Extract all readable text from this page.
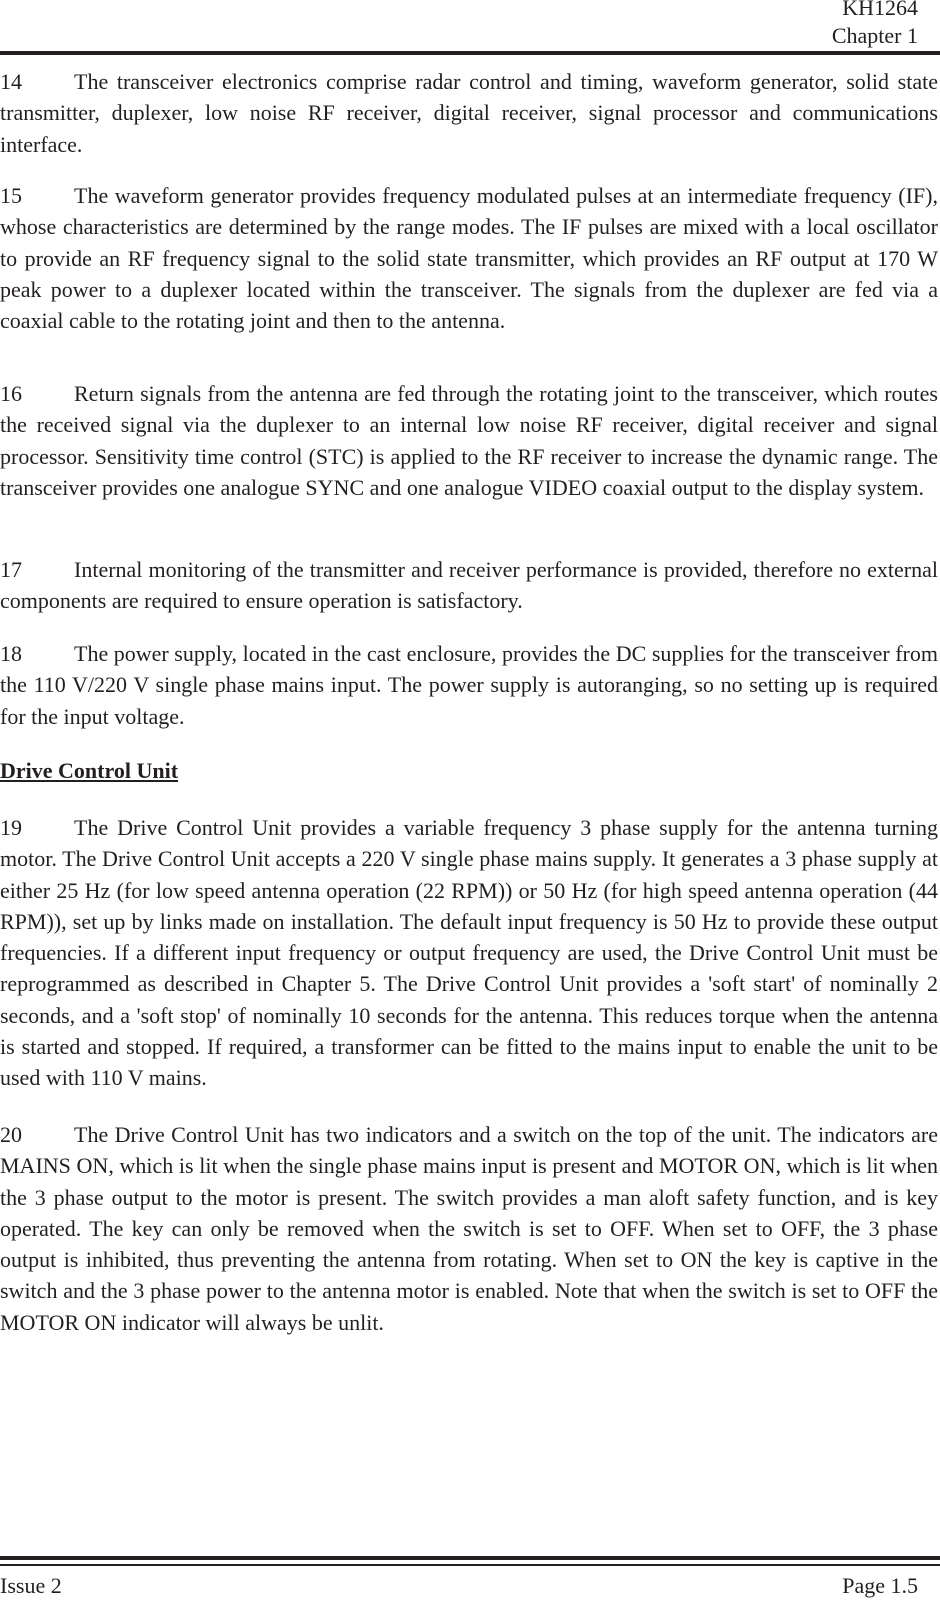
KH1264
Chapter 1

14 The transceiver electronics comprise radar control and timing, waveform generator, solid state transmitter, duplexer, low noise RF receiver, digital receiver, signal processor and communications interface.

15 The waveform generator provides frequency modulated pulses at an intermediate frequency (IF), whose characteristics are determined by the range modes. The IF pulses are mixed with a local oscillator to provide an RF frequency signal to the solid state transmitter, which provides an RF output at 170 W peak power to a duplexer located within the transceiver. The signals from the duplexer are fed via a coaxial cable to the rotating joint and then to the antenna.

16 Return signals from the antenna are fed through the rotating joint to the transceiver, which routes the received signal via the duplexer to an internal low noise RF receiver, digital receiver and signal processor. Sensitivity time control (STC) is applied to the RF receiver to increase the dynamic range. The transceiver provides one analogue SYNC and one analogue VIDEO coaxial output to the display system.

17 Internal monitoring of the transmitter and receiver performance is provided, therefore no external components are required to ensure operation is satisfactory.

18 The power supply, located in the cast enclosure, provides the DC supplies for the transceiver from the 110 V/220 V single phase mains input. The power supply is autoranging, so no setting up is required for the input voltage.

Drive Control Unit

19 The Drive Control Unit provides a variable frequency 3 phase supply for the antenna turning motor. The Drive Control Unit accepts a 220 V single phase mains supply. It generates a 3 phase supply at either 25 Hz (for low speed antenna operation (22 RPM)) or 50 Hz (for high speed antenna operation (44 RPM)), set up by links made on installation. The default input frequency is 50 Hz to provide these output frequencies. If a different input frequency or output frequency are used, the Drive Control Unit must be reprogrammed as described in Chapter 5. The Drive Control Unit provides a 'soft start' of nominally 2 seconds, and a 'soft stop' of nominally 10 seconds for the antenna. This reduces torque when the antenna is started and stopped. If required, a transformer can be fitted to the mains input to enable the unit to be used with 110 V mains.

20 The Drive Control Unit has two indicators and a switch on the top of the unit. The indicators are MAINS ON, which is lit when the single phase mains input is present and MOTOR ON, which is lit when the 3 phase output to the motor is present. The switch provides a man aloft safety function, and is key operated. The key can only be removed when the switch is set to OFF. When set to OFF, the 3 phase output is inhibited, thus preventing the antenna from rotating. When set to ON the key is captive in the switch and the 3 phase power to the antenna motor is enabled. Note that when the switch is set to OFF the MOTOR ON indicator will always be unlit.

Issue 2	Page 1.5
